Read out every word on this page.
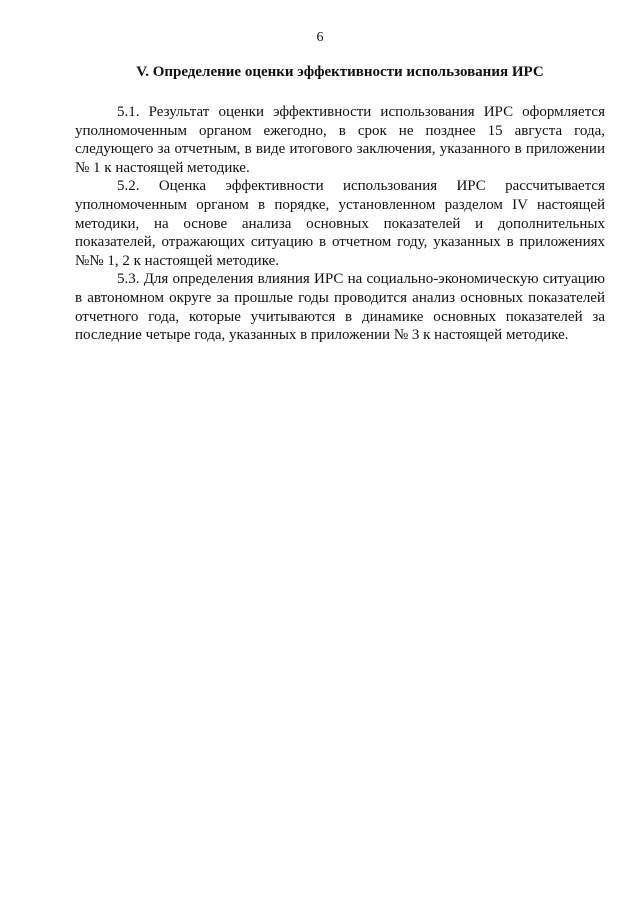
6
V. Определение оценки эффективности использования ИРС

5.1. Результат оценки эффективности использования ИРС оформляется уполномоченным органом ежегодно, в срок не позднее 15 августа года, следующего за отчетным, в виде итогового заключения, указанного в приложении № 1 к настоящей методике.

5.2. Оценка эффективности использования ИРС рассчитывается уполномоченным органом в порядке, установленном разделом IV настоящей методики, на основе анализа основных показателей и дополнительных показателей, отражающих ситуацию в отчетном году, указанных в приложениях №№ 1, 2 к настоящей методике.

5.3. Для определения влияния ИРС на социально-экономическую ситуацию в автономном округе за прошлые годы проводится анализ основных показателей отчетного года, которые учитываются в динамике основных показателей за последние четыре года, указанных в приложении № 3 к настоящей методике.
